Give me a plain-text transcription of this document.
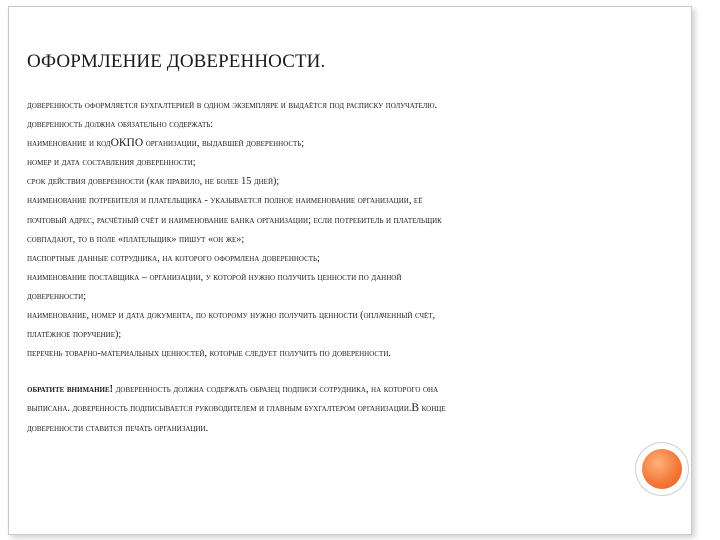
ОФОРМЛЕНИЕ ДОВЕРЕННОСТИ.
доверенность оформляется бухгалтерией в одном экземпляре и выдаётся под расписку получателю.
доверенность должна обязательно содержать:
наименование и кодОКПО организации, выдавшей доверенность;
номер и дата составления доверенности;
срок действия доверенности (как правило, не более 15 дней);
наименование потребителя и плательщика - указывается полное наименование организации, её
почтовый адрес, расчётный счёт и наименование банка организации; если потребитель и плательщик
совпадают, то в поле «плательщик» пишут «он же»;
паспортные данные сотрудника, на которого оформлена доверенность;
наименование поставщика – организации, у которой нужно получить ценности по данной
доверенности;
наименование, номер и дата документа, по которому нужно получить ценности (оплаченный счёт,
платёжное поручение);
перечень товарно-материальных ценностей, которые следует получить по доверенности.
обратите внимание! доверенность должна содержать образец подписи сотрудника, на которого она
выписана. доверенность подписывается руководителем и главным бухгалтером организации.В конце
доверенности ставится печать организации.
